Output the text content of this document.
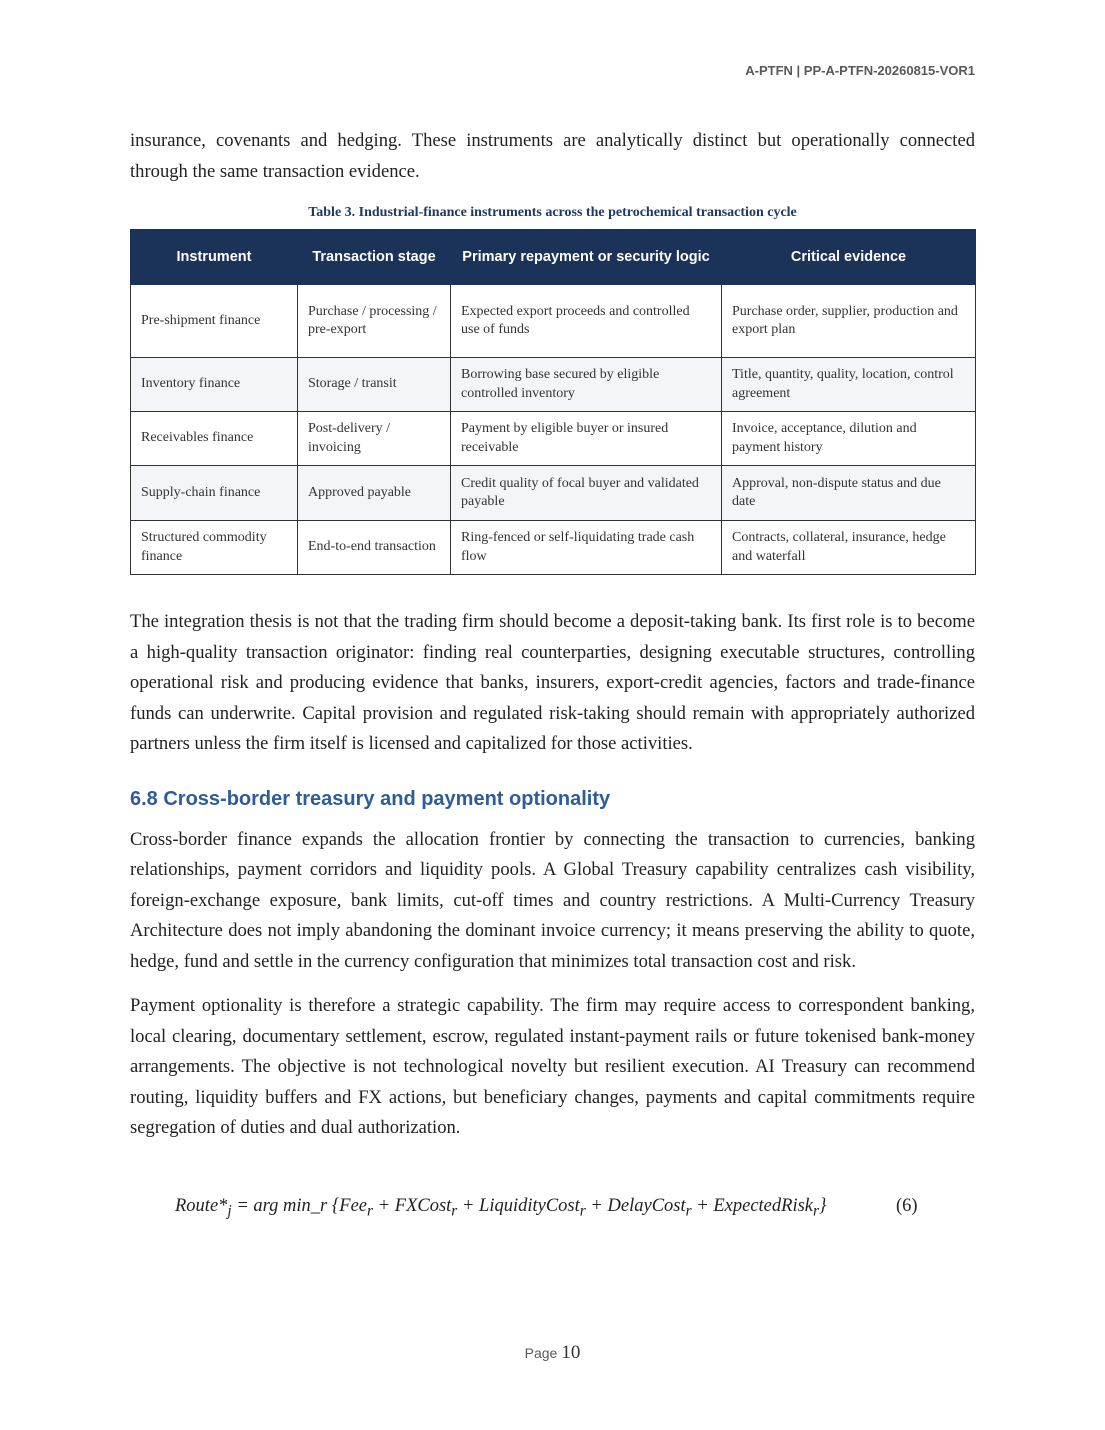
A-PTFN | PP-A-PTFN-20260815-VOR1

insurance, covenants and hedging. These instruments are analytically distinct but operationally connected through the same transaction evidence.

Table 3. Industrial-finance instruments across the petrochemical transaction cycle
Instrument	Transaction stage	Primary repayment or security logic	Critical evidence
Pre-shipment finance	Purchase / processing / pre-export	Expected export proceeds and controlled use of funds	Purchase order, supplier, production and export plan
Inventory finance	Storage / transit	Borrowing base secured by eligible controlled inventory	Title, quantity, quality, location, control agreement
Receivables finance	Post-delivery / invoicing	Payment by eligible buyer or insured receivable	Invoice, acceptance, dilution and payment history
Supply-chain finance	Approved payable	Credit quality of focal buyer and validated payable	Approval, non-dispute status and due date
Structured commodity finance	End-to-end transaction	Ring-fenced or self-liquidating trade cash flow	Contracts, collateral, insurance, hedge and waterfall

The integration thesis is not that the trading firm should become a deposit-taking bank. Its first role is to become a high-quality transaction originator: finding real counterparties, designing executable structures, controlling operational risk and producing evidence that banks, insurers, export-credit agencies, factors and trade-finance funds can underwrite. Capital provision and regulated risk-taking should remain with appropriately authorized partners unless the firm itself is licensed and capitalized for those activities.

6.8 Cross-border treasury and payment optionality

Cross-border finance expands the allocation frontier by connecting the transaction to currencies, banking relationships, payment corridors and liquidity pools. A Global Treasury capability centralizes cash visibility, foreign-exchange exposure, bank limits, cut-off times and country restrictions. A Multi-Currency Treasury Architecture does not imply abandoning the dominant invoice currency; it means preserving the ability to quote, hedge, fund and settle in the currency configuration that minimizes total transaction cost and risk.

Payment optionality is therefore a strategic capability. The firm may require access to correspondent banking, local clearing, documentary settlement, escrow, regulated instant-payment rails or future tokenised bank-money arrangements. The objective is not technological novelty but resilient execution. AI Treasury can recommend routing, liquidity buffers and FX actions, but beneficiary changes, payments and capital commitments require segregation of duties and dual authorization.

$Route*_j$ = arg min_r {Fee$_r$ + FXCost$_r$ + LiquidityCost$_r$ + DelayCost$_r$ + ExpectedRisk$_r$}	(6)
Page 10
